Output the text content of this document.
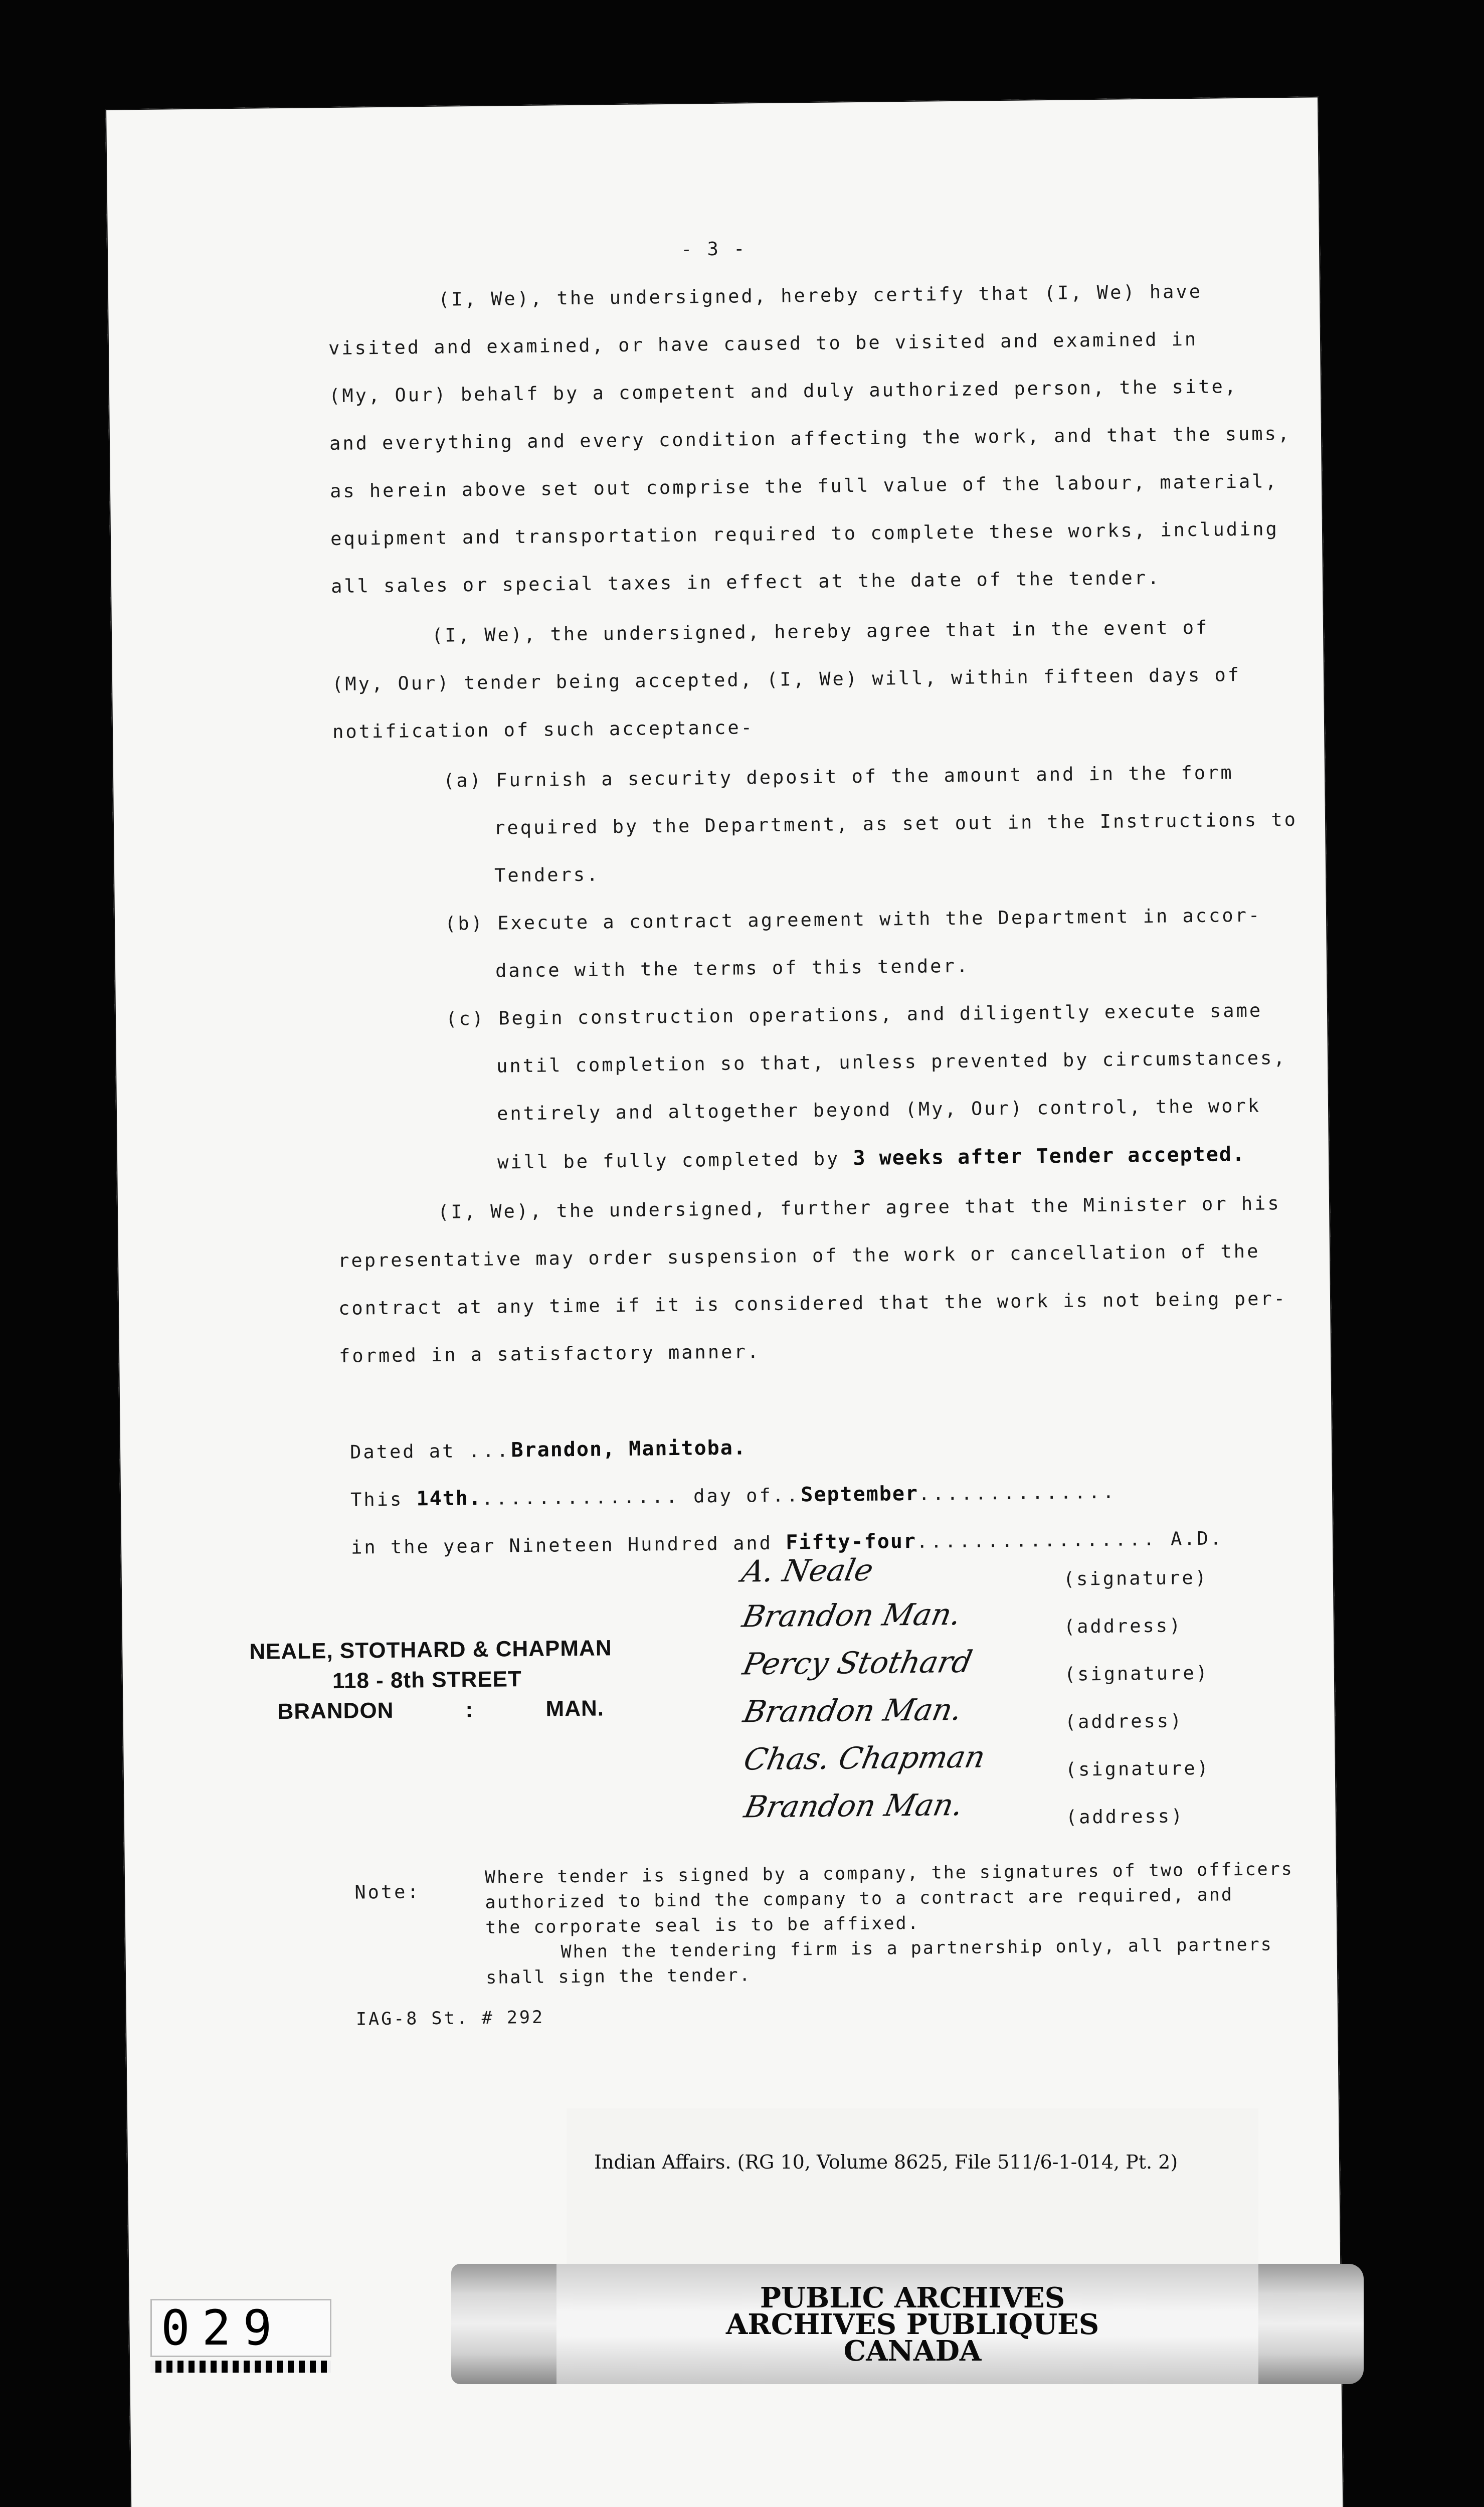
- 3 -
(I, We), the undersigned, hereby certify that (I, We) have
visited and examined, or have caused to be visited and examined in
(My, Our) behalf by a competent and duly authorized person, the site,
and everything and every condition affecting the work, and that the sums,
as herein above set out comprise the full value of the labour, material,
equipment and transportation required to complete these works, including
all sales or special taxes in effect at the date of the tender.
(I, We), the undersigned, hereby agree that in the event of
(My, Our) tender being accepted, (I, We) will, within fifteen days of
notification of such acceptance-
(a) Furnish a security deposit of the amount and in the form
required by the Department, as set out in the Instructions to
Tenders.
(b) Execute a contract agreement with the Department in accor-
dance with the terms of this tender.
(c) Begin construction operations, and diligently execute same
until completion so that, unless prevented by circumstances,
entirely and altogether beyond (My, Our) control, the work
will be fully completed by 3 weeks after Tender accepted.
(I, We), the undersigned, further agree that the Minister or his
representative may order suspension of the work or cancellation of the
contract at any time if it is considered that the work is not being per-
formed in a satisfactory manner.
Dated at ...Brandon, Manitoba.
This 14th............... day of..September..............
in the year Nineteen Hundred and Fifty-four................. A.D.
A. Neale	(signature)
Brandon Man.	(address)
Percy Stothard	(signature)
Brandon Man.	(address)
Chas. Chapman	(signature)
Brandon Man.	(address)
NEALE, STOTHARD & CHAPMAN
118 - 8th STREET
BRANDON	:	MAN.
Note:
Where tender is signed by a company, the signatures of two officers
authorized to bind the company to a contract are required, and
the corporate seal is to be affixed.
When the tendering firm is a partnership only, all partners
shall sign the tender.
IAG-8 St. # 292
Indian Affairs. (RG 10, Volume 8625, File 511/6-1-014, Pt. 2)
PUBLIC ARCHIVES
ARCHIVES PUBLIQUES
CANADA
029
